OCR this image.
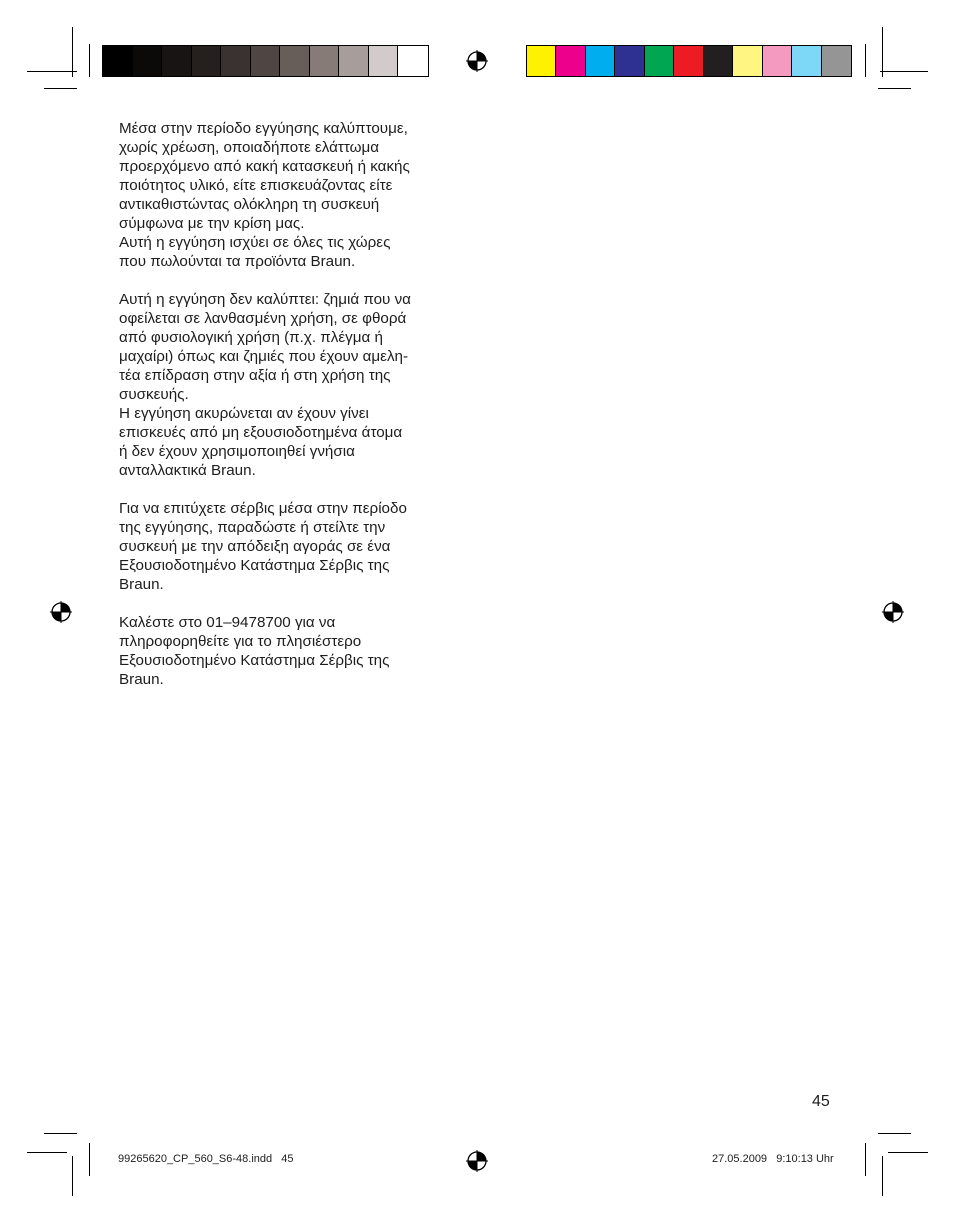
Μέσα στην περίοδο εγγύησης καλύπτουμε,
χωρίς χρέωση, οποιαδήποτε ελάττωμα
προερχόμενο από κακή κατασκευή ή κακής
ποιότητος υλικό, είτε επισκευάζοντας είτε
αντικαθιστώντας ολόκληρη τη συσκευή
σύμφωνα με την κρίση μας.
Αυτή η εγγύηση ισχύει σε όλες τις χώρες
που πωλούνται τα προϊόντα Braun.

Αυτή η εγγύηση δεν καλύπτει: ζημιά που να
οφείλεται σε λανθασμένη χρήση, σε φθορά
από φυσιολογική χρήση (π.χ. πλέγμα ή
μαχαίρι) όπως και ζημιές που έχουν αμελη-
τέα επίδραση στην αξία ή στη χρήση της
συσκευής.
Η εγγύηση ακυρώνεται αν έχουν γίνει
επισκευές από μη εξουσιοδοτημένα άτομα
ή δεν έχουν χρησιμοποιηθεί γνήσια
ανταλλακτικά Braun.

Για να επιτύχετε σέρβις μέσα στην περίοδο
της εγγύησης, παραδώστε ή στείλτε την
συσκευή με την απόδειξη αγοράς σε ένα
Εξουσιοδοτημένο Κατάστημα Σέρβις της
Braun.

Καλέστε στο 01–9478700 για να
πληροφορηθείτε για το πλησιέστερο
Εξουσιοδοτημένο Κατάστημα Σέρβις της
Braun.

45
99265620_CP_560_S6-48.indd   45	27.05.2009   9:10:13 Uhr
